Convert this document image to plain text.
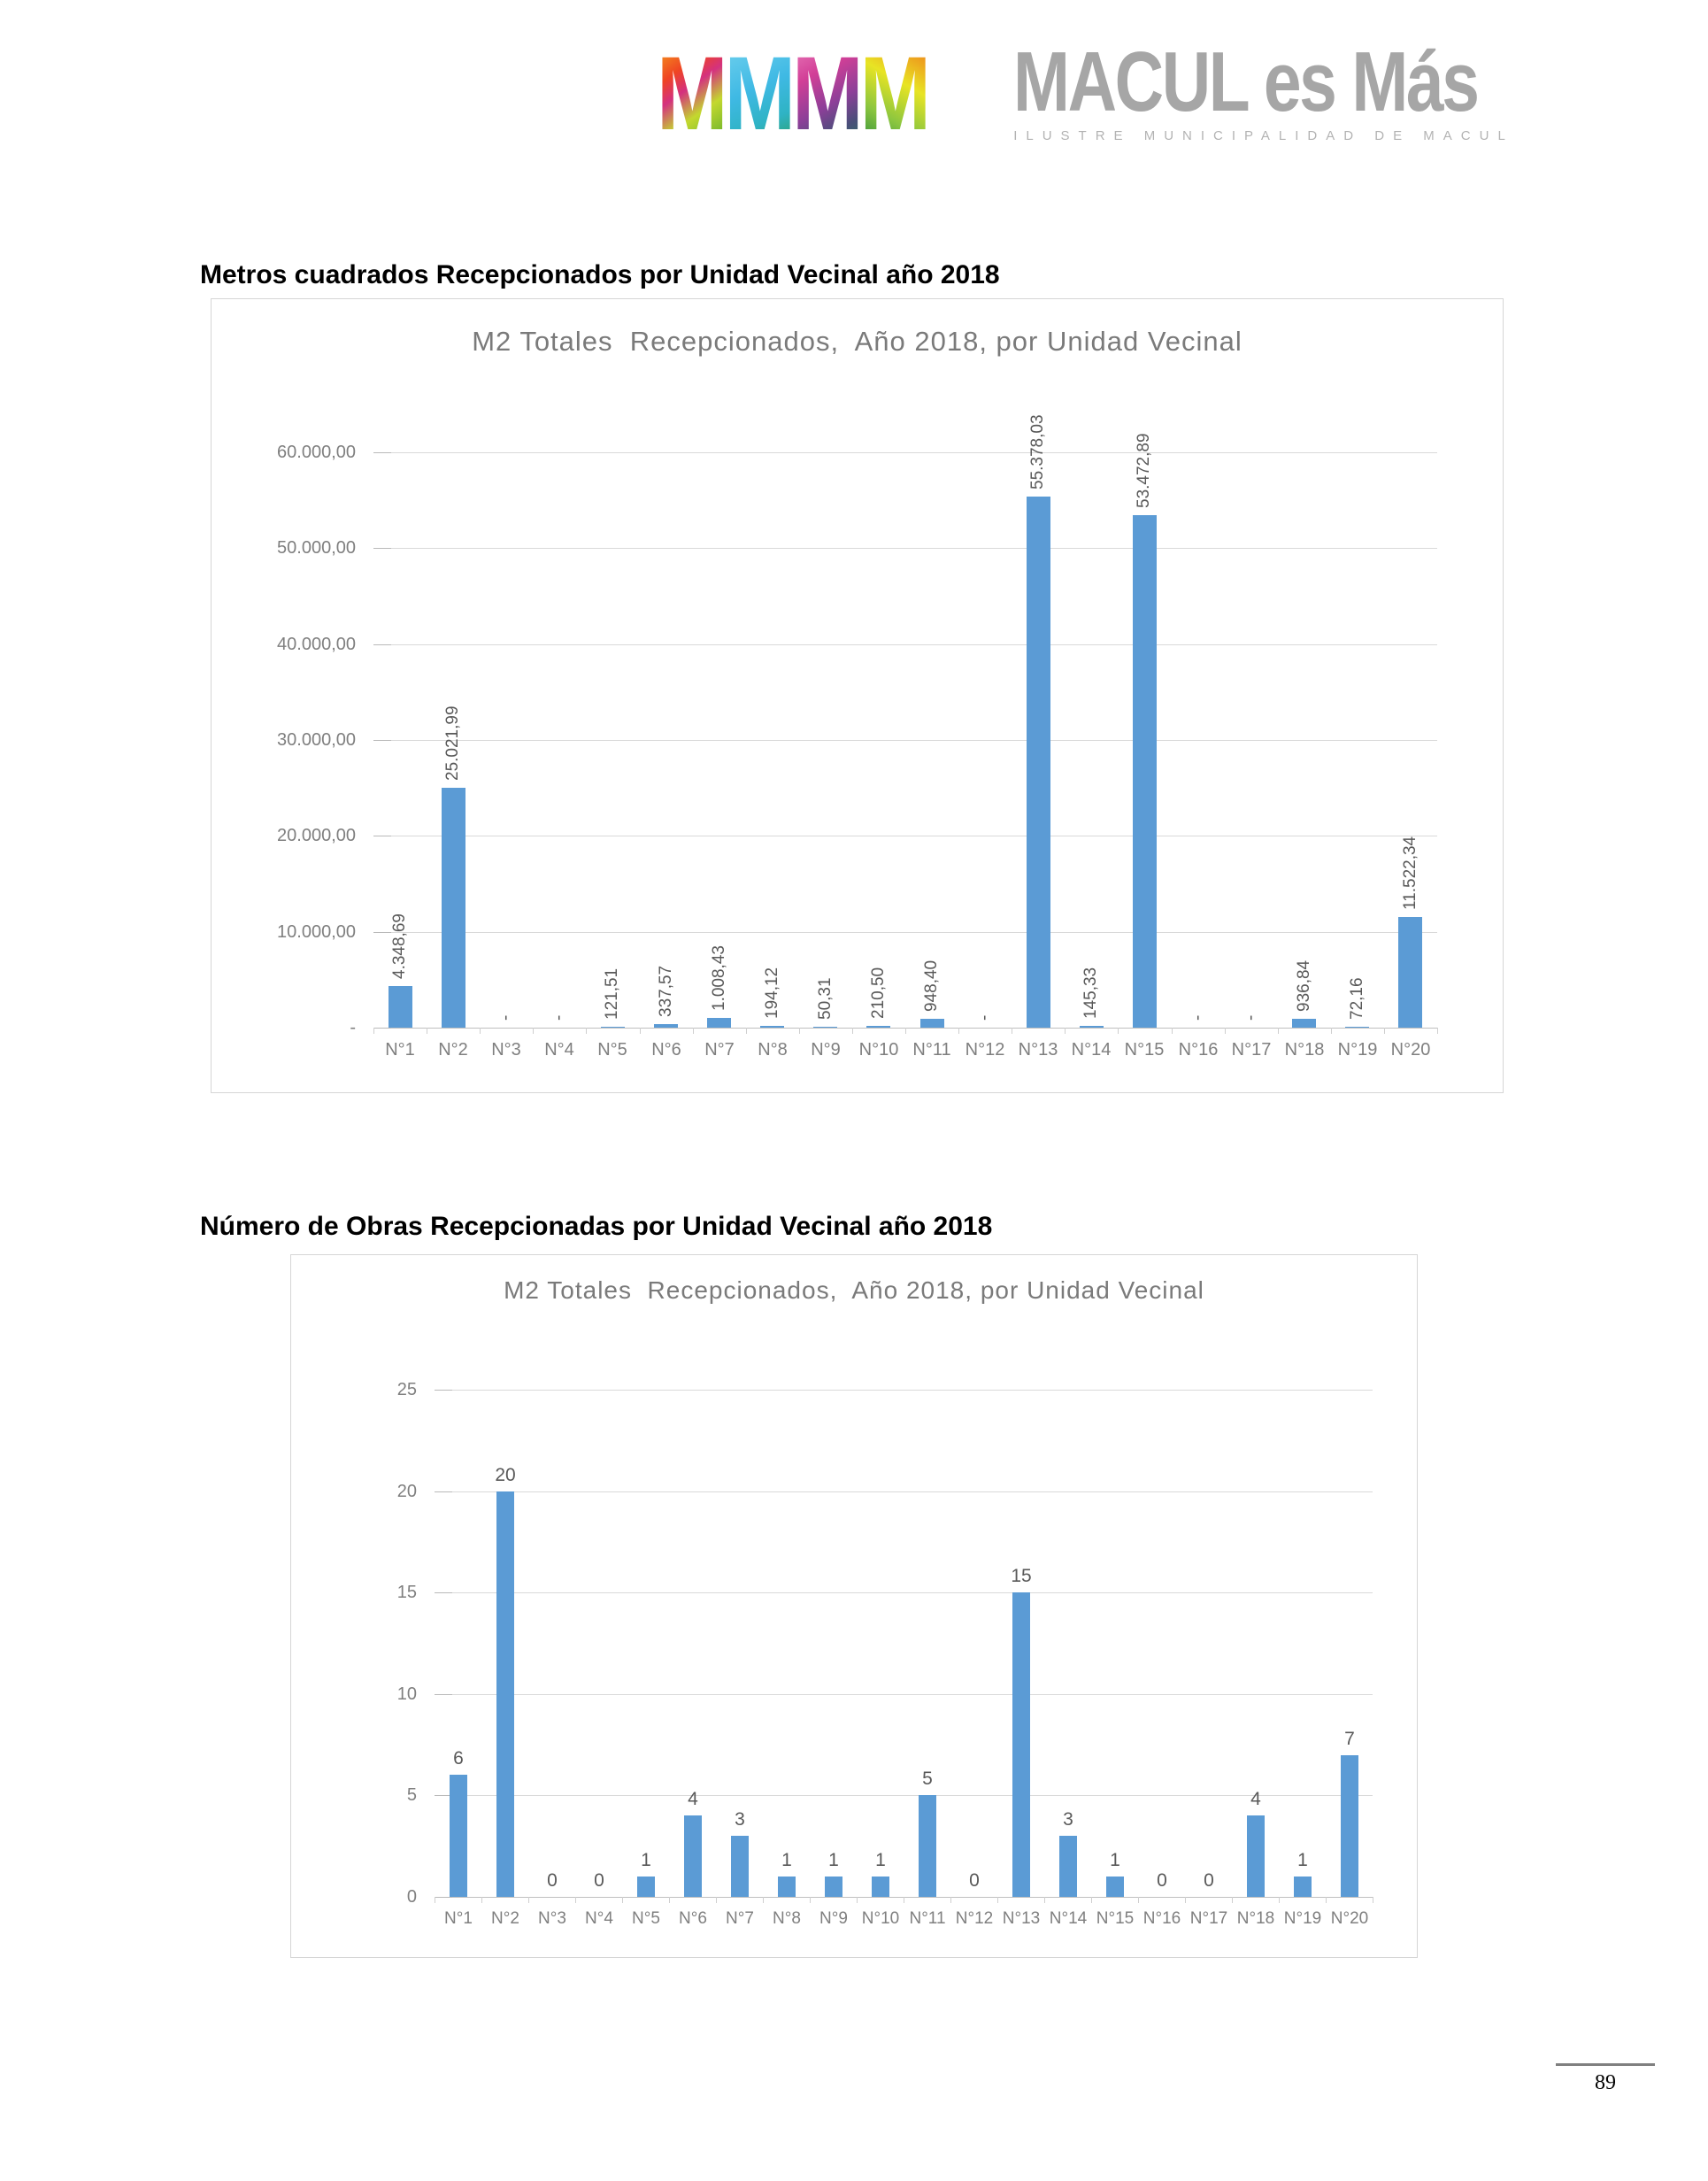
M M M M MACUL es Más
ILUSTRE MUNICIPALIDAD DE MACUL
Metros cuadrados Recepcionados por Unidad Vecinal año 2018
M2 Totales  Recepcionados,  Año 2018, por Unidad Vecinal
60.000,00
50.000,00
40.000,00
30.000,00
20.000,00
10.000,00
-
4.348,69
N°1
25.021,99
N°2
-
N°3
-
N°4
121,51
N°5
337,57
N°6
1.008,43
N°7
194,12
N°8
50,31
N°9
210,50
N°10
948,40
N°11
-
N°12
55.378,03
N°13
145,33
N°14
53.472,89
N°15
-
N°16
-
N°17
936,84
N°18
72,16
N°19
11.522,34
N°20
Número de Obras Recepcionadas por Unidad Vecinal año 2018
M2 Totales  Recepcionados,  Año 2018, por Unidad Vecinal
25
20
15
10
5
0
6
N°1
20
N°2
0
N°3
0
N°4
1
N°5
4
N°6
3
N°7
1
N°8
1
N°9
1
N°10
5
N°11
0
N°12
15
N°13
3
N°14
1
N°15
0
N°16
0
N°17
4
N°18
1
N°19
7
N°20
89
